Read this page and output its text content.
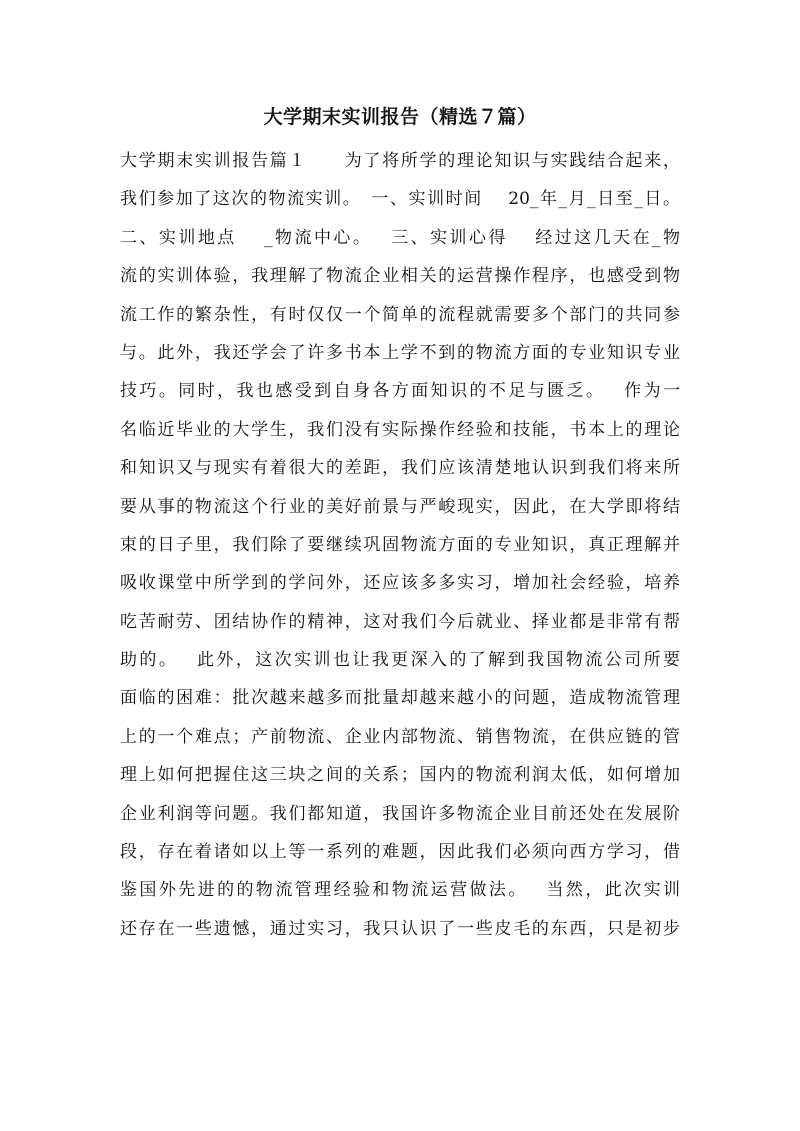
大学期末实训报告（精选７篇）
大学期末实训报告篇１　　为了将所学的理论知识与实践结合起来，
我们参加了这次的物流实训。　一、实训时间　 20_年_月_日至_日。
二、实训地点　 _物流中心。　 三、实训心得　 经过这几天在_物
流的实训体验，我理解了物流企业相关的运营操作程序，也感受到物
流工作的繁杂性，有时仅仅一个简单的流程就需要多个部门的共同参
与。此外，我还学会了许多书本上学不到的物流方面的专业知识专业
技巧。同时，我也感受到自身各方面知识的不足与匮乏。　 作为一
名临近毕业的大学生，我们没有实际操作经验和技能，书本上的理论
和知识又与现实有着很大的差距，我们应该清楚地认识到我们将来所
要从事的物流这个行业的美好前景与严峻现实，因此，在大学即将结
束的日子里，我们除了要继续巩固物流方面的专业知识，真正理解并
吸收课堂中所学到的学问外，还应该多多实习，增加社会经验，培养
吃苦耐劳、团结协作的精神，这对我们今后就业、择业都是非常有帮
助的。　 此外，这次实训也让我更深入的了解到我国物流公司所要
面临的困难：批次越来越多而批量却越来越小的问题，造成物流管理
上的一个难点；产前物流、企业内部物流、销售物流，在供应链的管
理上如何把握住这三块之间的关系；国内的物流利润太低，如何增加
企业利润等问题。我们都知道，我国许多物流企业目前还处在发展阶
段，存在着诸如以上等一系列的难题，因此我们必须向西方学习，借
鉴国外先进的的物流管理经验和物流运营做法。　 当然，此次实训
还存在一些遗憾，通过实习，我只认识了一些皮毛的东西，只是初步
